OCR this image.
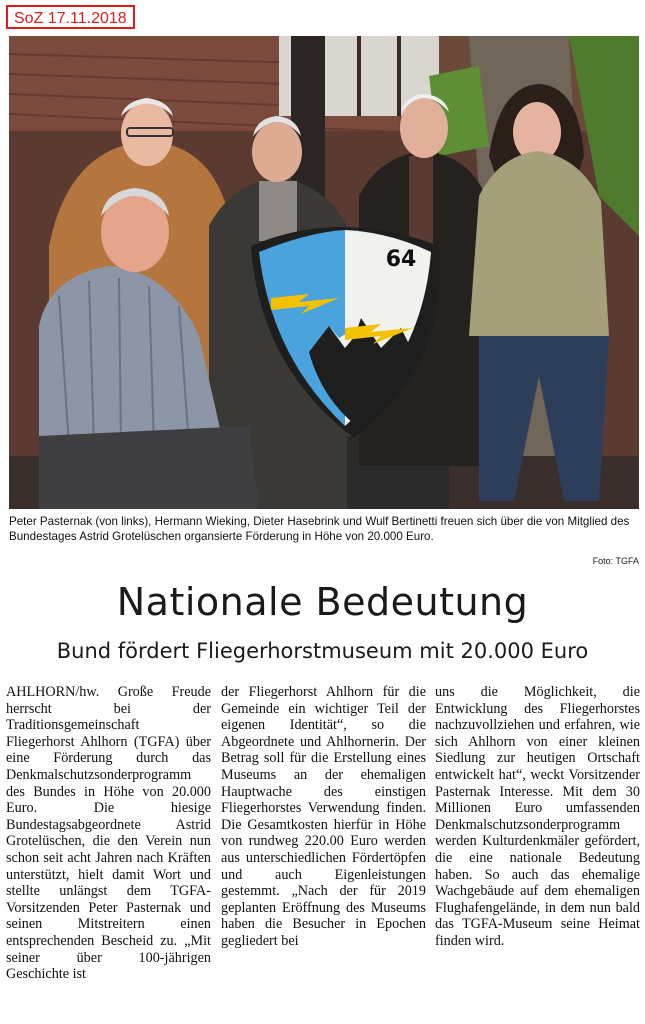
SoZ 17.11.2018
64
Peter Pasternak (von links), Hermann Wieking, Dieter Hasebrink und Wulf Bertinetti freuen sich über die von Mitglied des Bundestages Astrid Grotelüschen organsierte Förderung in Höhe von 20.000 Euro.
Foto: TGFA
Nationale Bedeutung
Bund fördert Fliegerhorstmuseum mit 20.000 Euro

AHLHORN/hw. Große Freude herrscht bei der Traditionsgemeinschaft Fliegerhorst Ahlhorn (TGFA) über eine Förderung durch das Denkmalschutzsonderprogramm des Bundes in Höhe von 20.000 Euro. Die hiesige Bundestagsabgeordnete Astrid Grotelüschen, die den Verein nun schon seit acht Jahren nach Kräften unterstützt, hielt damit Wort und stellte unlängst dem TGFA-Vorsitzenden Peter Pasternak und seinen Mitstreitern einen entsprechenden Bescheid zu. „Mit seiner über 100-jährigen Geschichte ist

der Fliegerhorst Ahlhorn für die Gemeinde ein wichtiger Teil der eigenen Identität“, so die Abgeordnete und Ahlhornerin. Der Betrag soll für die Erstellung eines Museums an der ehemaligen Hauptwache des einstigen Fliegerhorstes Verwendung finden. Die Gesamtkosten hierfür in Höhe von rundweg 220.00 Euro werden aus unterschiedlichen Fördertöpfen und auch Eigenleistungen gestemmt. „Nach der für 2019 geplanten Eröffnung des Museums haben die Besucher in Epochen gegliedert bei

uns die Möglichkeit, die Entwicklung des Fliegerhorstes nachzuvollziehen und erfahren, wie sich Ahlhorn von einer kleinen Siedlung zur heutigen Ortschaft entwickelt hat“, weckt Vorsitzender Pasternak Interesse. Mit dem 30 Millionen Euro umfassenden Denkmalschutzsonderprogramm werden Kulturdenkmäler gefördert, die eine nationale Bedeutung haben. So auch das ehemalige Wachgebäude auf dem ehemaligen Flughafengelände, in dem nun bald das TGFA-Museum seine Heimat finden wird.
